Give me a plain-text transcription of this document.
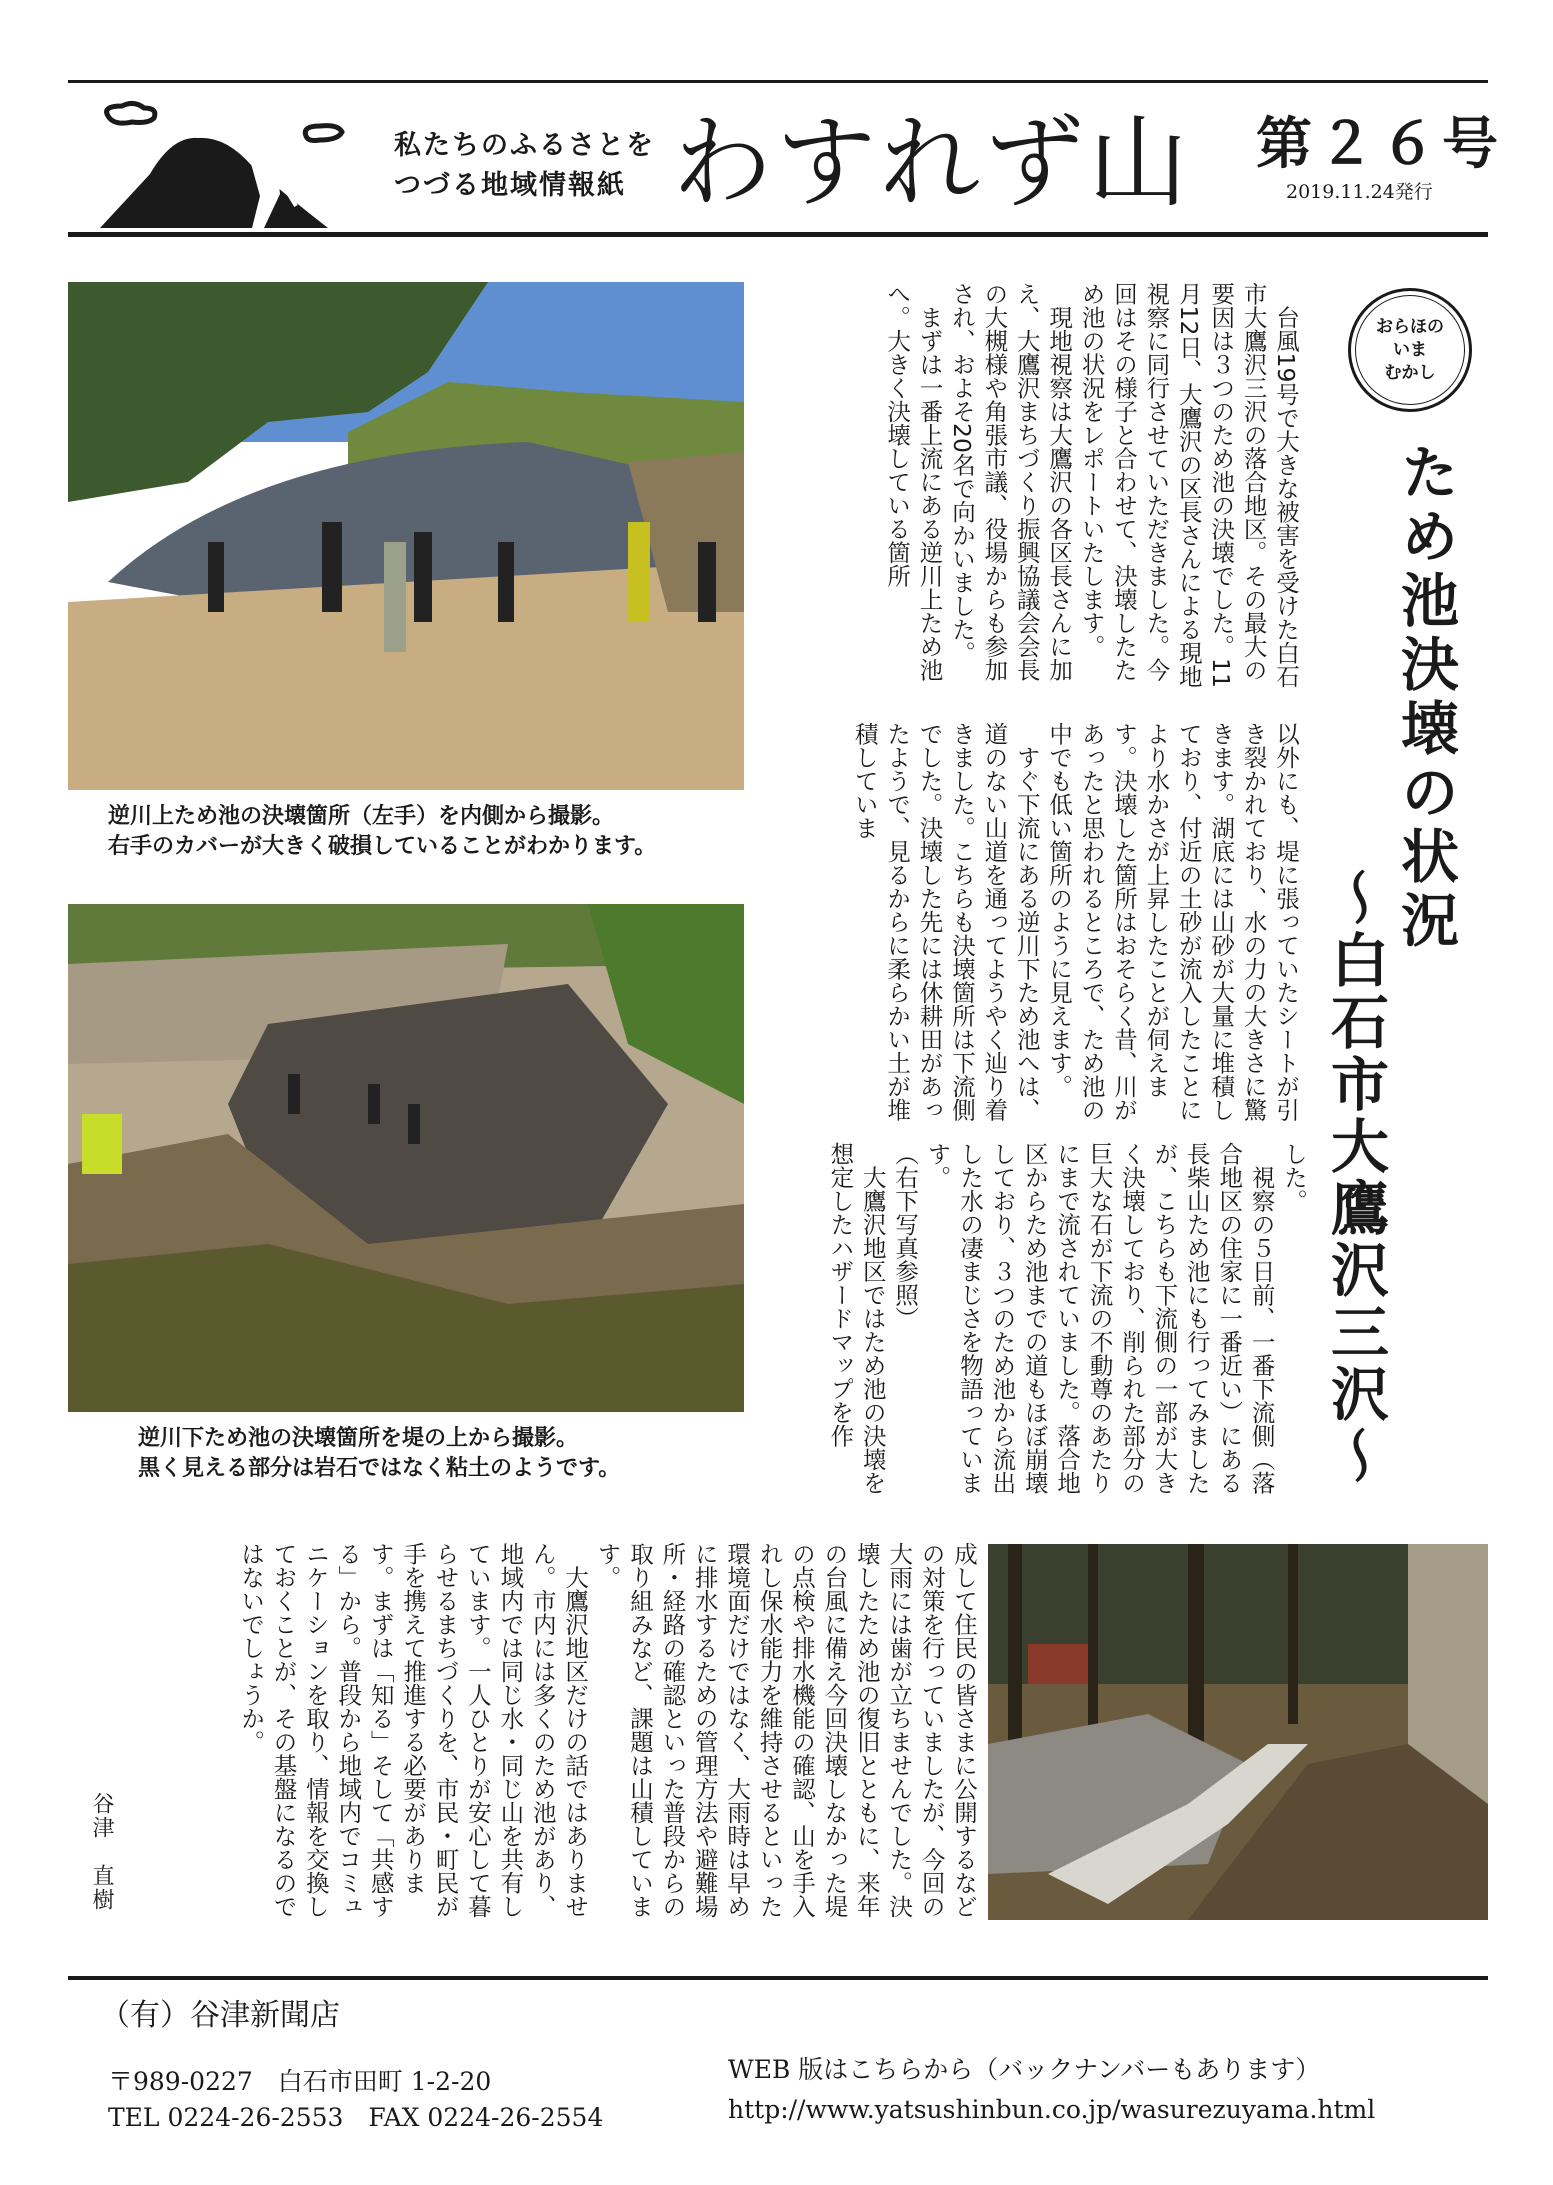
私たちのふるさとを
つづる地域情報紙 わすれず山 第２６号
2019.11.24発行
逆川上ため池の決壊箇所（左手）を内側から撮影。
右手のカバーが大きく破損していることがわかります。
逆川下ため池の決壊箇所を堤の上から撮影。
黒く見える部分は岩石ではなく粘土のようです。
おらほの
いま
むかし
ため池決壊の状況
～白石市大鷹沢三沢～
　台風19号で大きな被害を受けた白石市大鷹沢三沢の落合地区。その最大の要因は３つのため池の決壊でした。11月12日、大鷹沢の区長さんによる現地視察に同行させていただきました。今回はその様子と合わせて、決壊したため池の状況をレポートいたします。
　現地視察は大鷹沢の各区長さんに加え、大鷹沢まちづくり振興協議会会長の大槻様や角張市議、役場からも参加され、およそ20名で向かいました。
　まずは一番上流にある逆川上ため池へ。大きく決壊している箇所
以外にも、堤に張っていたシートが引き裂かれており、水の力の大きさに驚きます。湖底には山砂が大量に堆積しており、付近の土砂が流入したことにより水かさが上昇したことが伺えます。決壊した箇所はおそらく昔、川があったと思われるところで、ため池の中でも低い箇所のように見えます。
　すぐ下流にある逆川下ため池へは、道のない山道を通ってようやく辿り着きました。こちらも決壊箇所は下流側でした。決壊した先には休耕田があったようで、見るからに柔らかい土が堆積していま
した。
　視察の５日前、一番下流側（落合地区の住家に一番近い）にある長柴山ため池にも行ってみましたが、こちらも下流側の一部が大きく決壊しており、削られた部分の巨大な石が下流の不動尊のあたりにまで流されていました。落合地区からため池までの道もほぼ崩壊しており、３つのため池から流出した水の凄まじさを物語っています。
（右下写真参照）
　大鷹沢地区ではため池の決壊を想定したハザードマップを作
成して住民の皆さまに公開するなどの対策を行っていましたが、今回の大雨には歯が立ちませんでした。決壊したため池の復旧とともに、来年の台風に備え今回決壊しなかった堤の点検や排水機能の確認、山を手入れし保水能力を維持させるといった環境面だけではなく、大雨時は早めに排水するための管理方法や避難場所・経路の確認といった普段からの取り組みなど、課題は山積しています。
　大鷹沢地区だけの話ではありません。市内には多くのため池があり、地域内では同じ水・同じ山を共有しています。一人ひとりが安心して暮らせるまちづくりを、市民・町民が手を携えて推進する必要があります。まずは「知る」そして「共感する」から。普段から地域内でコミュニケーションを取り、情報を交換しておくことが、その基盤になるのではないでしょうか。
谷津　直樹
（有）谷津新聞店
〒989-0227　白石市田町 1-2-20
TEL 0224-26-2553　FAX 0224-26-2554
WEB 版はこちらから（バックナンバーもあります）
http://www.yatsushinbun.co.jp/wasurezuyama.html
